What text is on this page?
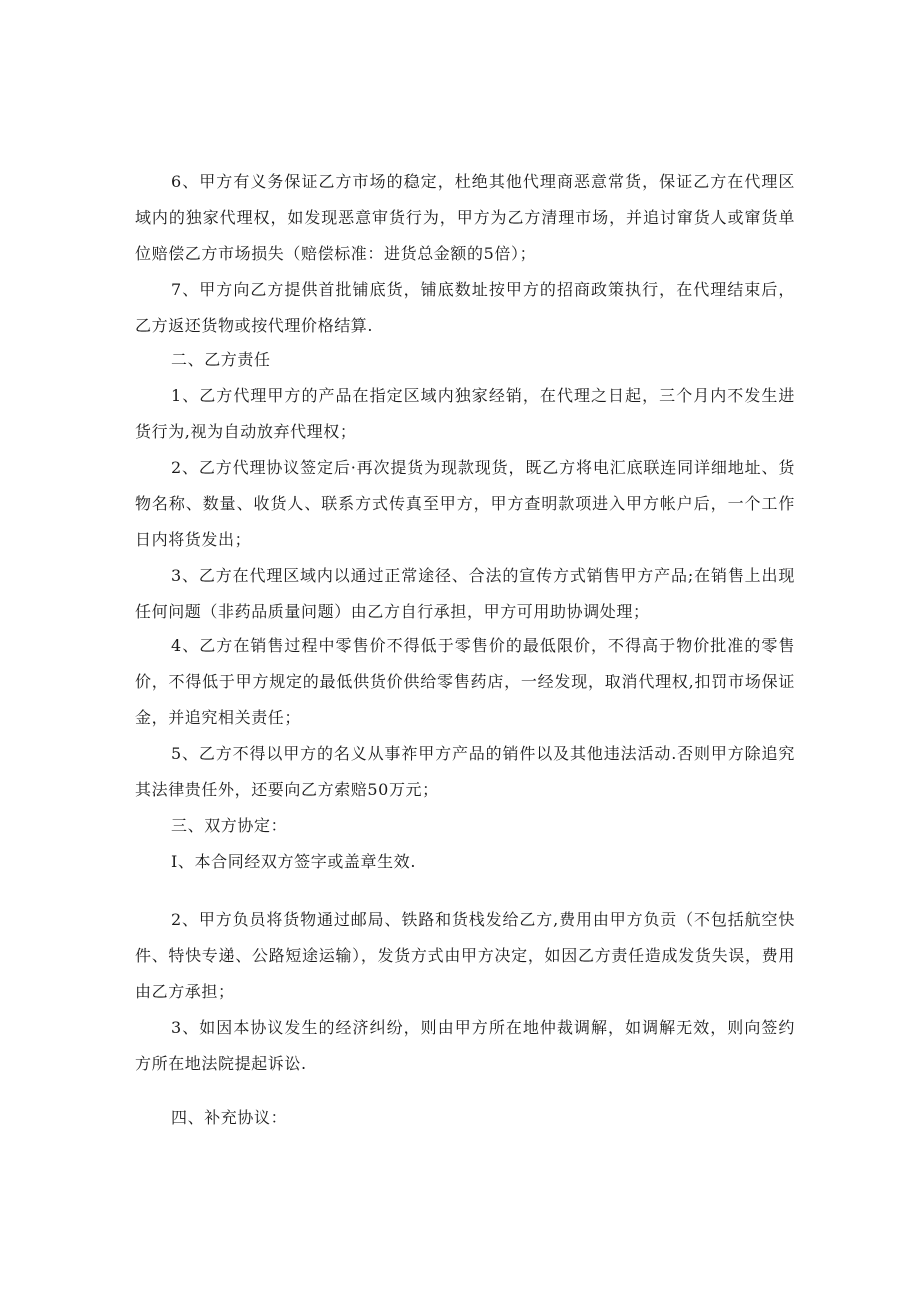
6、甲方有义务保证乙方市场的稳定，杜绝其他代理商恶意常货，保证乙方在代理区域内的独家代理权，如发现恶意审货行为，甲方为乙方清理市场，并追讨窜货人或窜货单位赔偿乙方市场损失（赔偿标准：进货总金额的5倍）；
7、甲方向乙方提供首批铺底货，铺底数址按甲方的招商政策执行，在代理结束后，乙方返还货物或按代理价格结算.
二、乙方责任
1、乙方代理甲方的产品在指定区域内独家经销，在代理之日起，三个月内不发生进货行为,视为自动放弃代理权；
2、乙方代理协议签定后·再次提货为现款现货，既乙方将电汇底联连同详细地址、货物名称、数量、收货人、联系方式传真至甲方，甲方查明款项进入甲方帐户后，一个工作日内将货发出；
3、乙方在代理区域内以通过正常途径、合法的宣传方式销售甲方产品;在销售上出现任何问题（非药品质量问题）由乙方自行承担，甲方可用助协调处理；
4、乙方在销售过程中零售价不得低于零售价的最低限价，不得高于物价批准的零售价，不得低于甲方规定的最低供货价供给零售药店，一经发现，取消代理权,扣罚市场保证金，并追究相关责任；
5、乙方不得以甲方的名义从事祚甲方产品的销件以及其他违法活动.否则甲方除追究其法律贵任外，还要向乙方索赔50万元；
三、双方协定：
I、本合同经双方签字或盖章生效.
2、甲方负员将货物通过邮局、铁路和货栈发给乙方,费用由甲方负贡（不包括航空快件、特快专递、公路短途运输），发货方式由甲方决定，如因乙方责任造成发货失误，费用由乙方承担；
3、如因本协议发生的经济纠纷，则由甲方所在地仲裁调解，如调解无效，则向签约方所在地法院提起诉讼.
四、补充协议：
